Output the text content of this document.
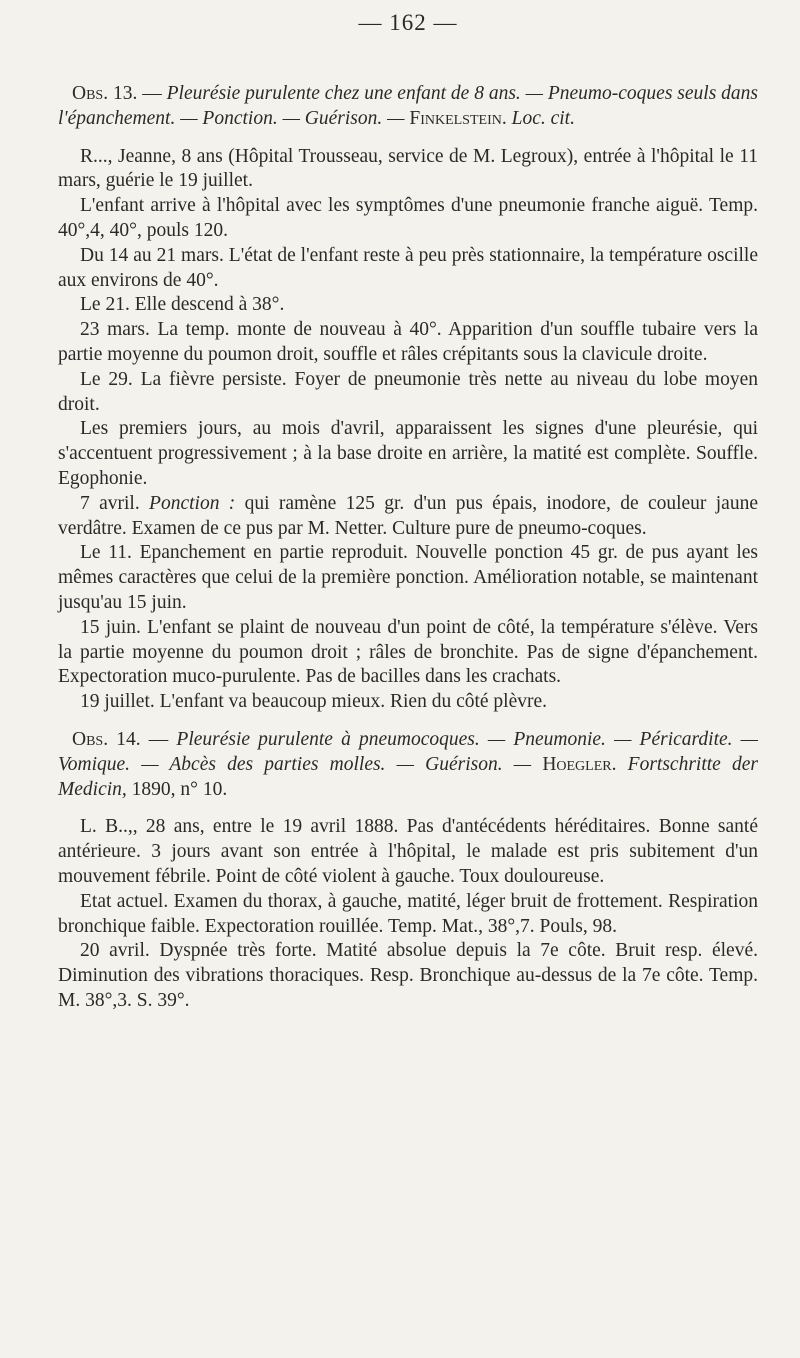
— 162 —

Obs. 13. — Pleurésie purulente chez une enfant de 8 ans. — Pneumo-coques seuls dans l'épanchement. — Ponction. — Guérison. — Finkelstein. Loc. cit.

R..., Jeanne, 8 ans (Hôpital Trousseau, service de M. Legroux), entrée à l'hôpital le 11 mars, guérie le 19 juillet.

L'enfant arrive à l'hôpital avec les symptômes d'une pneumonie franche aiguë. Temp. 40°,4, 40°, pouls 120.

Du 14 au 21 mars. L'état de l'enfant reste à peu près stationnaire, la température oscille aux environs de 40°.

Le 21. Elle descend à 38°.

23 mars. La temp. monte de nouveau à 40°. Apparition d'un souffle tubaire vers la partie moyenne du poumon droit, souffle et râles crépitants sous la clavicule droite.

Le 29. La fièvre persiste. Foyer de pneumonie très nette au niveau du lobe moyen droit.

Les premiers jours, au mois d'avril, apparaissent les signes d'une pleurésie, qui s'accentuent progressivement ; à la base droite en arrière, la matité est complète. Souffle. Egophonie.

7 avril. Ponction : qui ramène 125 gr. d'un pus épais, inodore, de couleur jaune verdâtre. Examen de ce pus par M. Netter. Culture pure de pneumo-coques.

Le 11. Epanchement en partie reproduit. Nouvelle ponction 45 gr. de pus ayant les mêmes caractères que celui de la première ponction. Amélioration notable, se maintenant jusqu'au 15 juin.

15 juin. L'enfant se plaint de nouveau d'un point de côté, la température s'élève. Vers la partie moyenne du poumon droit ; râles de bronchite. Pas de signe d'épanchement. Expectoration muco-purulente. Pas de bacilles dans les crachats.

19 juillet. L'enfant va beaucoup mieux. Rien du côté plèvre.

Obs. 14. — Pleurésie purulente à pneumocoques. — Pneumonie. — Péricardite. — Vomique. — Abcès des parties molles. — Guérison. — Hoegler. Fortschritte der Medicin, 1890, n° 10.

L. B..,, 28 ans, entre le 19 avril 1888. Pas d'antécédents héréditaires. Bonne santé antérieure. 3 jours avant son entrée à l'hôpital, le malade est pris subitement d'un mouvement fébrile. Point de côté violent à gauche. Toux douloureuse.

Etat actuel. Examen du thorax, à gauche, matité, léger bruit de frottement. Respiration bronchique faible. Expectoration rouillée. Temp. Mat., 38°,7. Pouls, 98.

20 avril. Dyspnée très forte. Matité absolue depuis la 7e côte. Bruit resp. élevé. Diminution des vibrations thoraciques. Resp. Bronchique au-dessus de la 7e côte. Temp. M. 38°,3. S. 39°.
